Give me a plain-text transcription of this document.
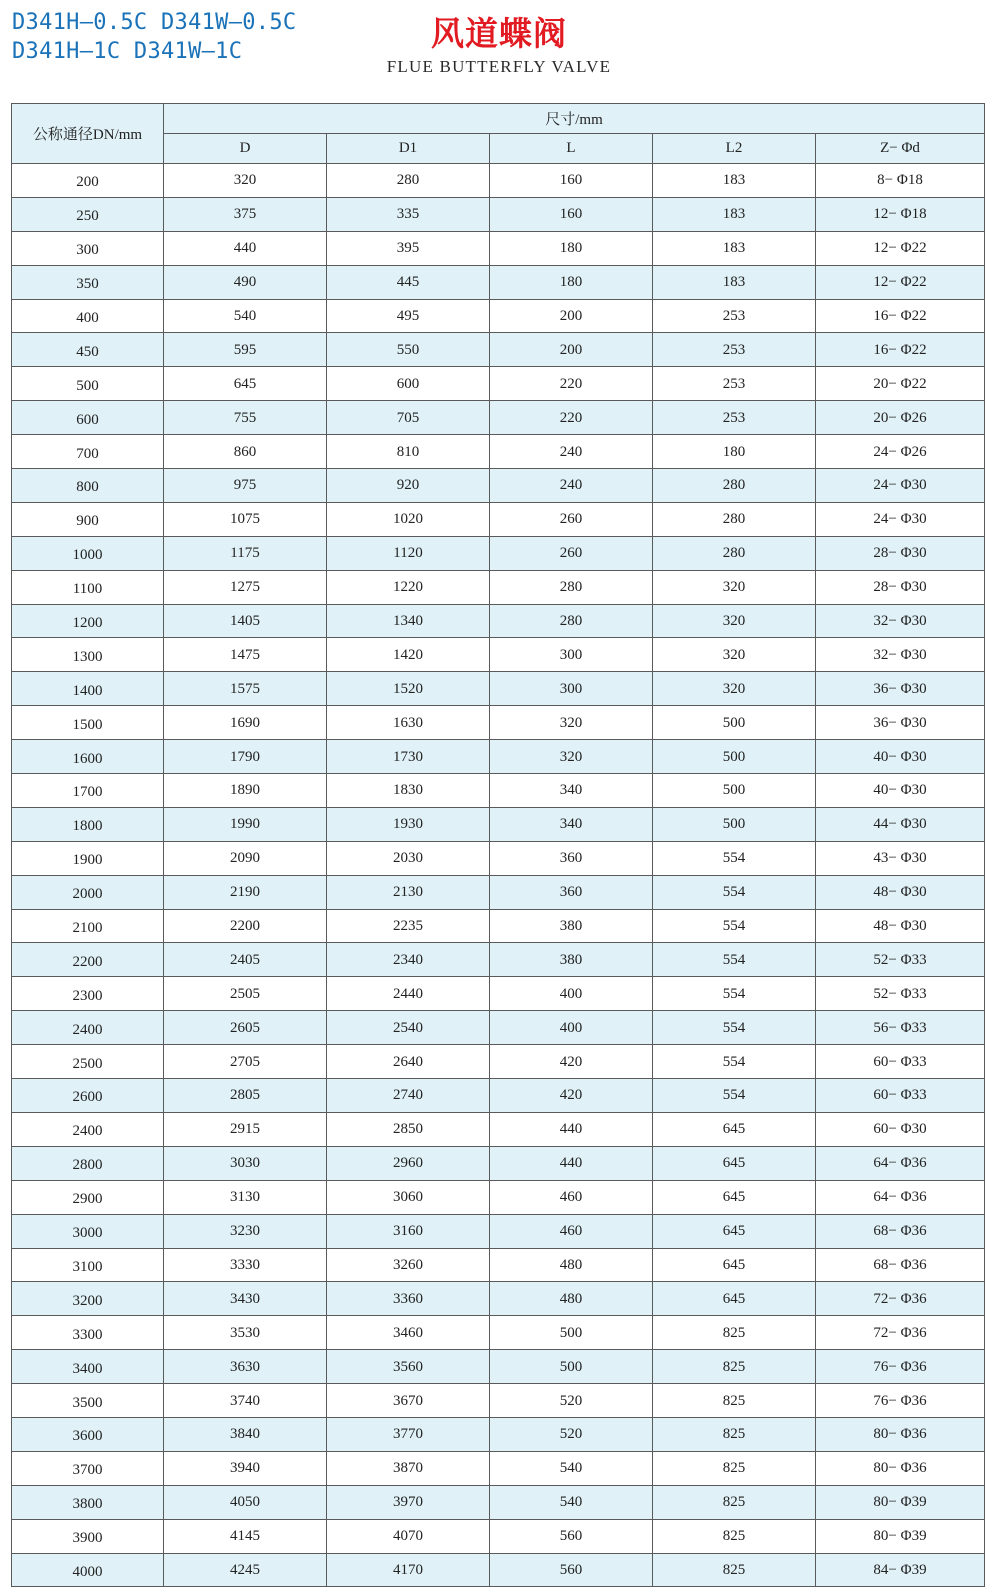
D341H—0.5C D341W—0.5C
D341H—1C D341W—1C	风道蝶阀
FLUE BUTTERFLY VALVE
公称通径DN/mm	尺寸/mm				
	D	D1	L	L2	Z− Φd
200	320	280	160	183	8− Φ18
250	375	335	160	183	12− Φ18
300	440	395	180	183	12− Φ22
350	490	445	180	183	12− Φ22
400	540	495	200	253	16− Φ22
450	595	550	200	253	16− Φ22
500	645	600	220	253	20− Φ22
600	755	705	220	253	20− Φ26
700	860	810	240	180	24− Φ26
800	975	920	240	280	24− Φ30
900	1075	1020	260	280	24− Φ30
1000	1175	1120	260	280	28− Φ30
1100	1275	1220	280	320	28− Φ30
1200	1405	1340	280	320	32− Φ30
1300	1475	1420	300	320	32− Φ30
1400	1575	1520	300	320	36− Φ30
1500	1690	1630	320	500	36− Φ30
1600	1790	1730	320	500	40− Φ30
1700	1890	1830	340	500	40− Φ30
1800	1990	1930	340	500	44− Φ30
1900	2090	2030	360	554	43− Φ30
2000	2190	2130	360	554	48− Φ30
2100	2200	2235	380	554	48− Φ30
2200	2405	2340	380	554	52− Φ33
2300	2505	2440	400	554	52− Φ33
2400	2605	2540	400	554	56− Φ33
2500	2705	2640	420	554	60− Φ33
2600	2805	2740	420	554	60− Φ33
2400	2915	2850	440	645	60− Φ30
2800	3030	2960	440	645	64− Φ36
2900	3130	3060	460	645	64− Φ36
3000	3230	3160	460	645	68− Φ36
3100	3330	3260	480	645	68− Φ36
3200	3430	3360	480	645	72− Φ36
3300	3530	3460	500	825	72− Φ36
3400	3630	3560	500	825	76− Φ36
3500	3740	3670	520	825	76− Φ36
3600	3840	3770	520	825	80− Φ36
3700	3940	3870	540	825	80− Φ36
3800	4050	3970	540	825	80− Φ39
3900	4145	4070	560	825	80− Φ39
4000	4245	4170	560	825	84− Φ39
